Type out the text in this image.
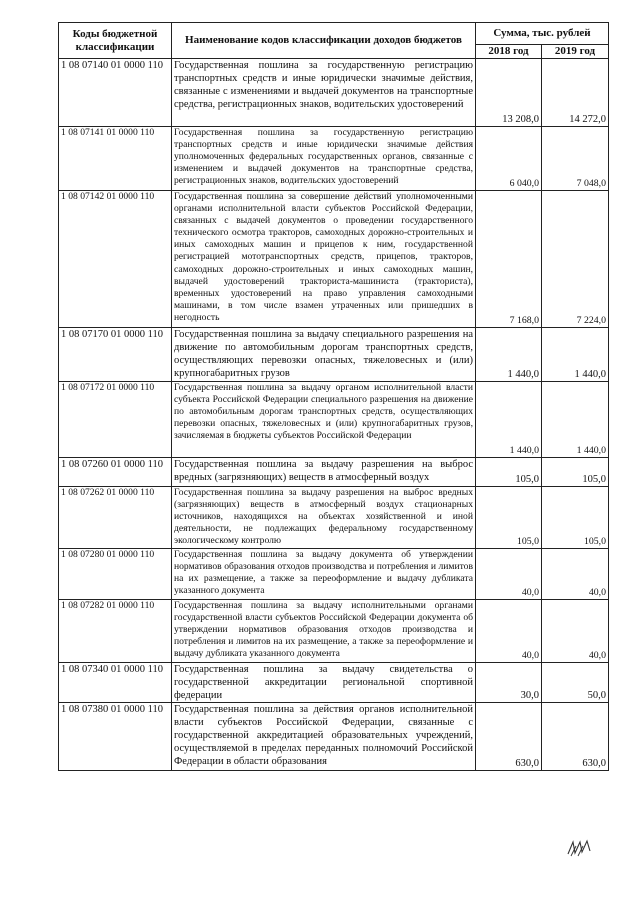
Коды бюджетной классификации	Наименование кодов классификации доходов бюджетов	Сумма, тыс. рублей	
		2018 год	2019 год
1 08 07140 01 0000 110	Государственная пошлина за государственную регистрацию транспортных средств и иные юридически значимые действия, связанные с изменениями и выдачей документов на транспортные средства, регистрационных знаков, водительских удостоверений	13 208,0	14 272,0
1 08 07141 01 0000 110	Государственная пошлина за государственную регистрацию транспортных средств и иные юридически значимые действия уполномоченных федеральных государственных органов, связанные с изменением и выдачей документов на транспортные средства, регистрационных знаков, водительских удостоверений	6 040,0	7 048,0
1 08 07142 01 0000 110	Государственная пошлина за совершение действий уполномоченными органами исполнительной власти субъектов Российской Федерации, связанных с выдачей документов о проведении государственного технического осмотра тракторов, самоходных дорожно-строительных и иных самоходных машин и прицепов к ним, государственной регистрацией мототранспортных средств, прицепов, тракторов, самоходных дорожно-строительных и иных самоходных машин, выдачей удостоверений тракториста-машиниста (тракториста), временных удостоверений на право управления самоходными машинами, в том числе взамен утраченных или пришедших в негодность	7 168,0	7 224,0
1 08 07170 01 0000 110	Государственная пошлина за выдачу специального разрешения на движение по автомобильным дорогам транспортных средств, осуществляющих перевозки опасных, тяжеловесных и (или) крупногабаритных грузов	1 440,0	1 440,0
1 08 07172 01 0000 110	Государственная пошлина за выдачу органом исполнительной власти субъекта Российской Федерации специального разрешения на движение по автомобильным дорогам транспортных средств, осуществляющих перевозки опасных, тяжеловесных и (или) крупногабаритных грузов, зачисляемая в бюджеты субъектов Российской Федерации	1 440,0	1 440,0
1 08 07260 01 0000 110	Государственная пошлина за выдачу разрешения на выброс вредных (загрязняющих) веществ в атмосферный воздух	105,0	105,0
1 08 07262 01 0000 110	Государственная пошлина за выдачу разрешения на выброс вредных (загрязняющих) веществ в атмосферный воздух стационарных источников, находящихся на объектах хозяйственной и иной деятельности, не подлежащих федеральному государственному экологическому контролю	105,0	105,0
1 08 07280 01 0000 110	Государственная пошлина за выдачу документа об утверждении нормативов образования отходов производства и потребления и лимитов на их размещение, а также за переоформление и выдачу дубликата указанного документа	40,0	40,0
1 08 07282 01 0000 110	Государственная пошлина за выдачу исполнительными органами государственной власти субъектов Российской Федерации документа об утверждении нормативов образования отходов производства и потребления и лимитов на их размещение, а также за переоформление и выдачу дубликата указанного документа	40,0	40,0
1 08 07340 01 0000 110	Государственная пошлина за выдачу свидетельства о государственной аккредитации региональной спортивной федерации	30,0	50,0
1 08 07380 01 0000 110	Государственная пошлина за действия органов исполнительной власти субъектов Российской Федерации, связанные с государственной аккредитацией образовательных учреждений, осуществляемой в пределах переданных полномочий Российской Федерации в области образования	630,0	630,0
